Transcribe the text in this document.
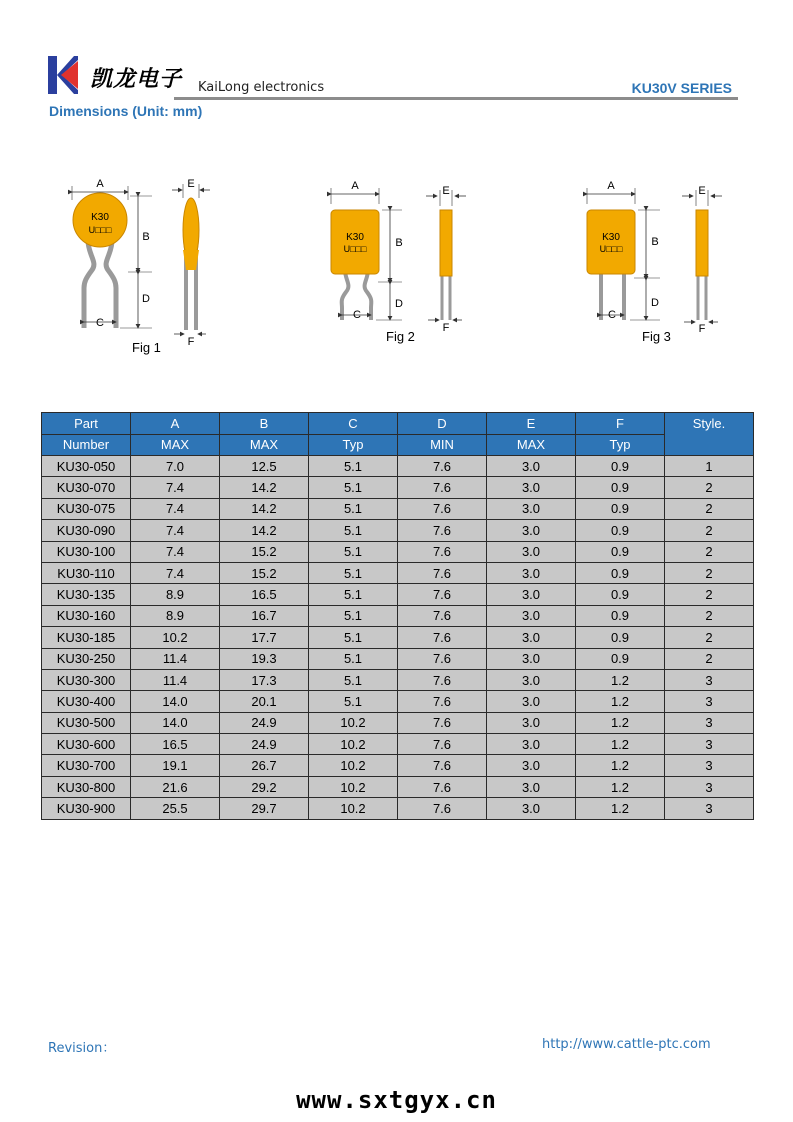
凯龙电子 KaiLong electronics	KU30V SERIES
Dimensions (Unit: mm)
K30
U□□□
A
B
D
C
Fig 1
E
F
K30
U□□□
A
B
D
C
Fig 2
E
F
K30
U□□□
A
B
D
C
Fig 3
E
F
Part	A	B	C	D	E	F	Style.
Number	MAX	MAX	Typ	MIN	MAX	Typ	
KU30-050	7.0	12.5	5.1	7.6	3.0	0.9	1
KU30-070	7.4	14.2	5.1	7.6	3.0	0.9	2
KU30-075	7.4	14.2	5.1	7.6	3.0	0.9	2
KU30-090	7.4	14.2	5.1	7.6	3.0	0.9	2
KU30-100	7.4	15.2	5.1	7.6	3.0	0.9	2
KU30-110	7.4	15.2	5.1	7.6	3.0	0.9	2
KU30-135	8.9	16.5	5.1	7.6	3.0	0.9	2
KU30-160	8.9	16.7	5.1	7.6	3.0	0.9	2
KU30-185	10.2	17.7	5.1	7.6	3.0	0.9	2
KU30-250	11.4	19.3	5.1	7.6	3.0	0.9	2
KU30-300	11.4	17.3	5.1	7.6	3.0	1.2	3
KU30-400	14.0	20.1	5.1	7.6	3.0	1.2	3
KU30-500	14.0	24.9	10.2	7.6	3.0	1.2	3
KU30-600	16.5	24.9	10.2	7.6	3.0	1.2	3
KU30-700	19.1	26.7	10.2	7.6	3.0	1.2	3
KU30-800	21.6	29.2	10.2	7.6	3.0	1.2	3
KU30-900	25.5	29.7	10.2	7.6	3.0	1.2	3
Revision：	http://www.cattle-ptc.com
www.sxtgyx.cn
